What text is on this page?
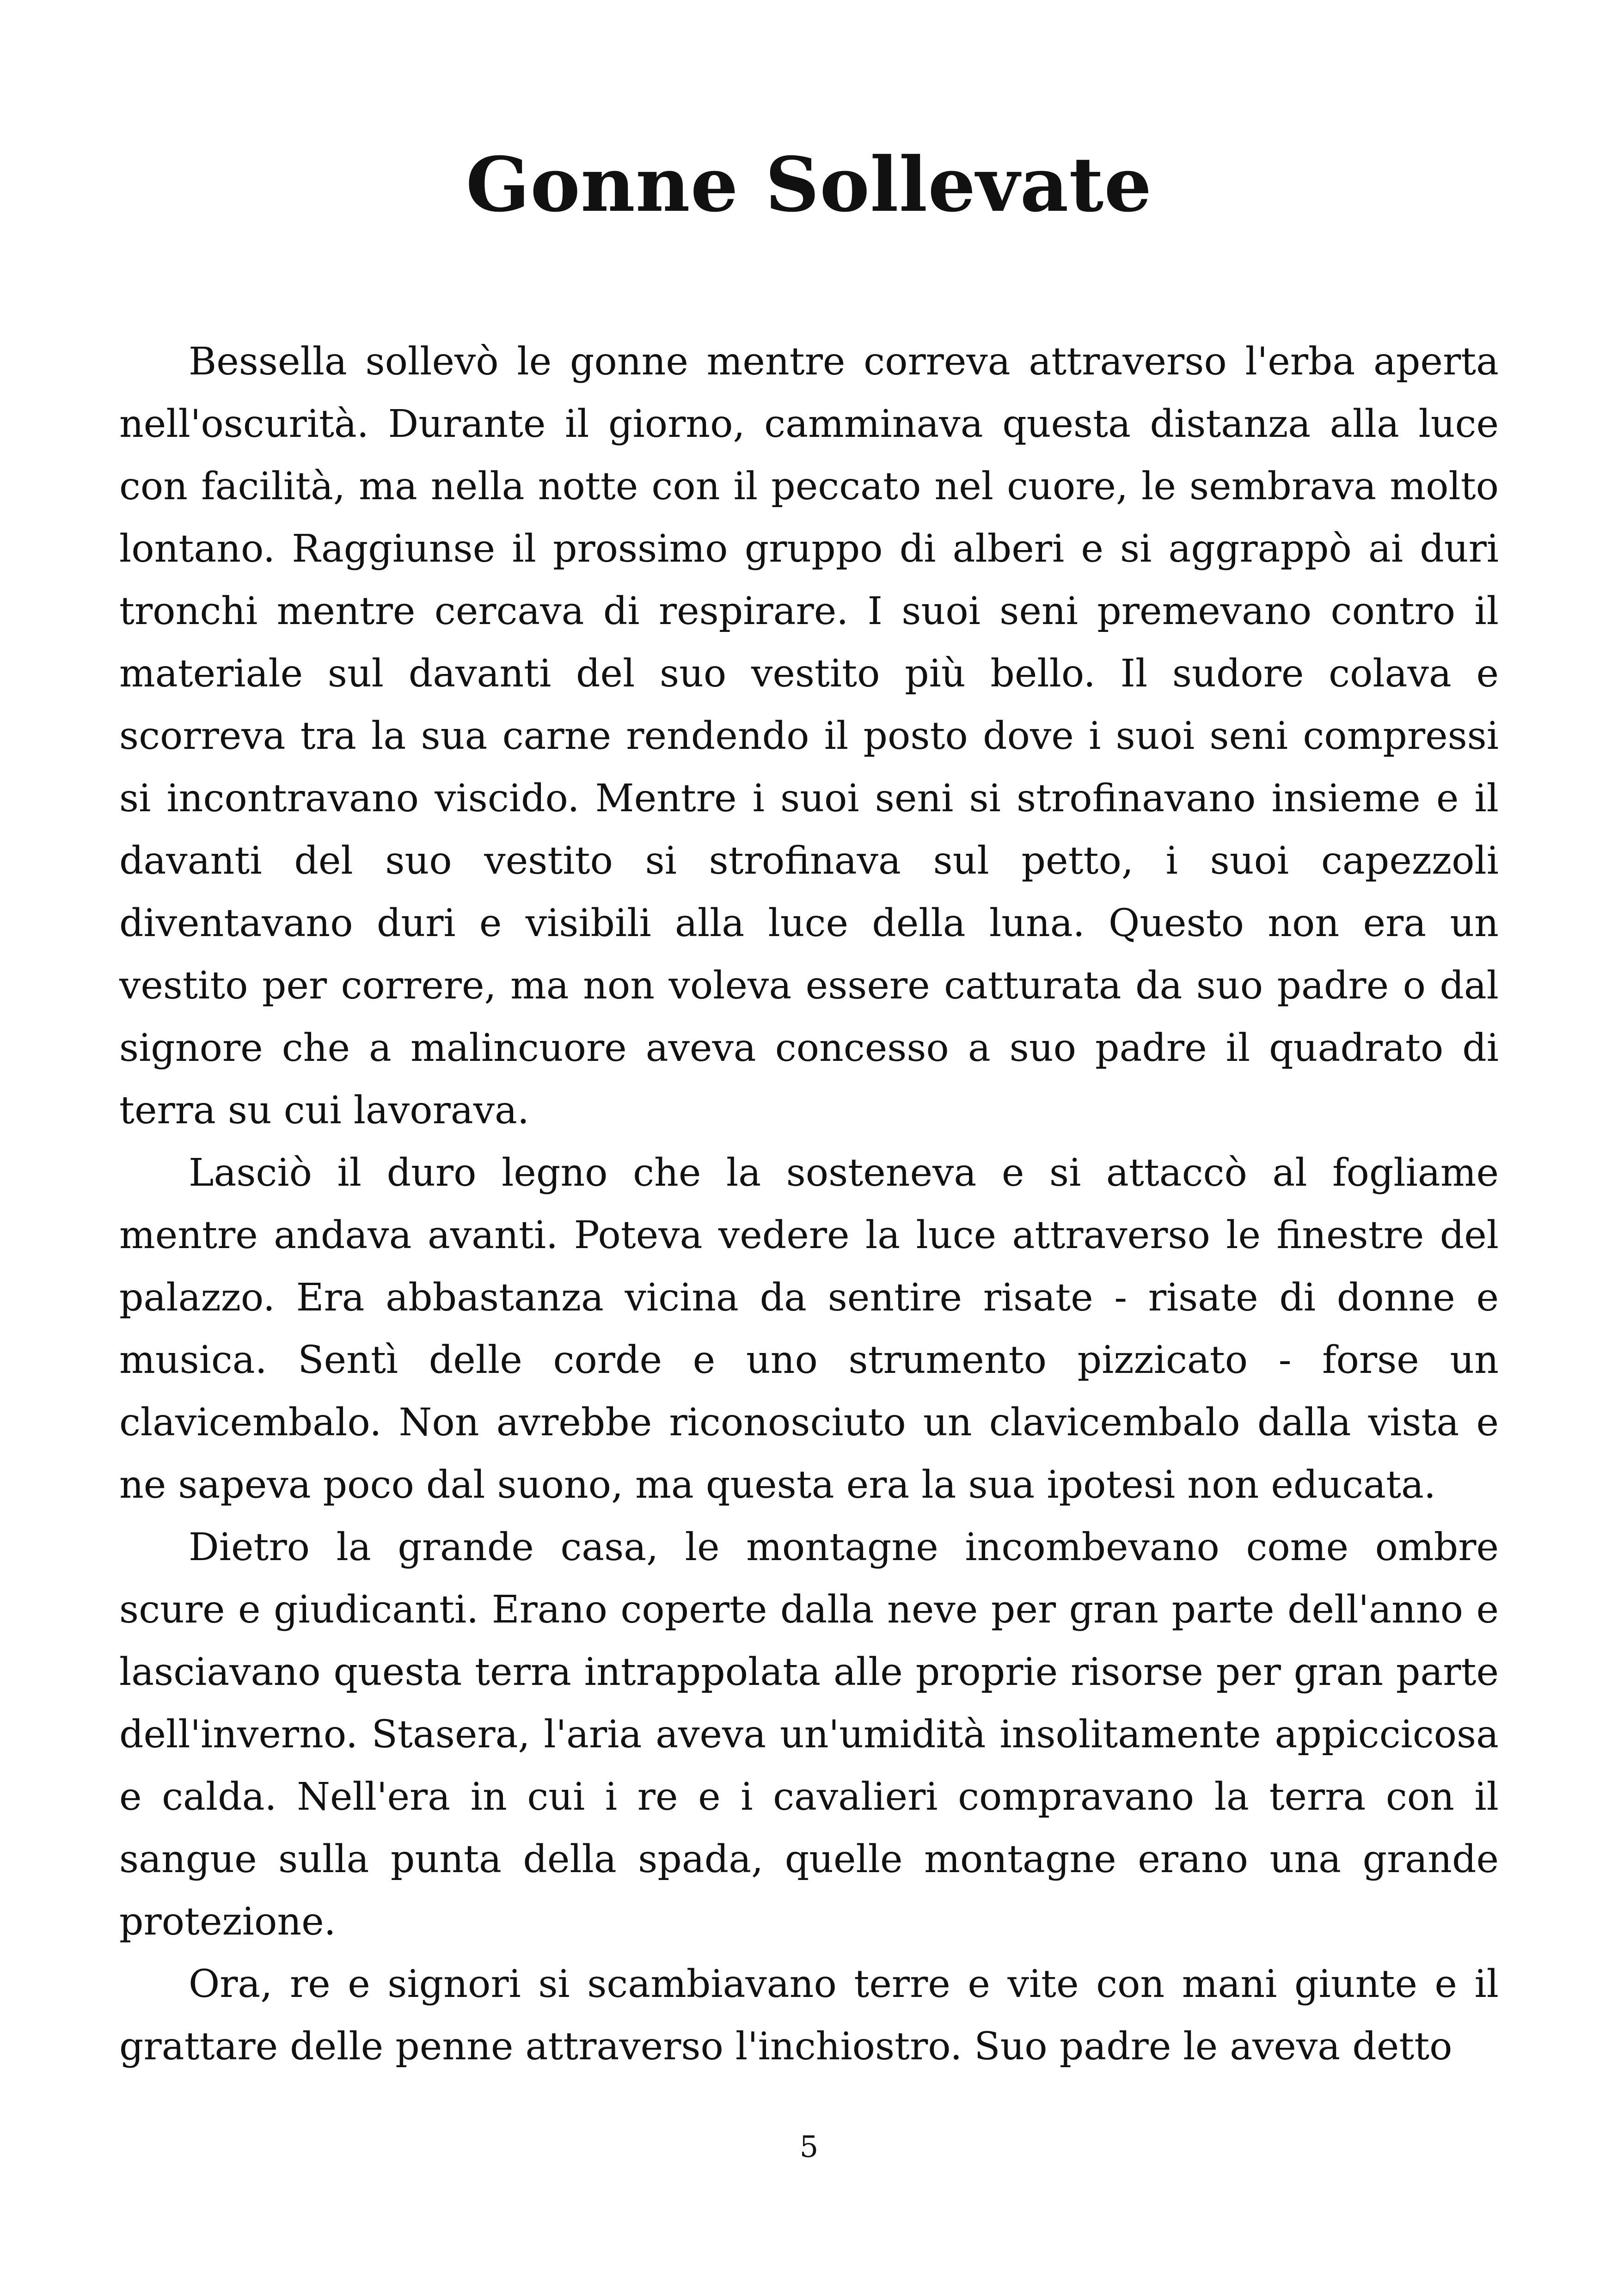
Gonne Sollevate

Bessella sollevò le gonne mentre correva attraverso l'erba aperta nell'oscurità. Durante il giorno, camminava questa distanza alla luce con facilità, ma nella notte con il peccato nel cuore, le sembrava molto lontano. Raggiunse il prossimo gruppo di alberi e si aggrappò ai duri tronchi mentre cercava di respirare. I suoi seni premevano contro il materiale sul davanti del suo vestito più bello. Il sudore colava e scorreva tra la sua carne rendendo il posto dove i suoi seni compressi si incontravano viscido. Mentre i suoi seni si strofinavano insieme e il davanti del suo vestito si strofinava sul petto, i suoi capezzoli diventavano duri e visibili alla luce della luna. Questo non era un vestito per correre, ma non voleva essere catturata da suo padre o dal signore che a malincuore aveva concesso a suo padre il quadrato di terra su cui lavorava.

Lasciò il duro legno che la sosteneva e si attaccò al fogliame mentre andava avanti. Poteva vedere la luce attraverso le finestre del palazzo. Era abbastanza vicina da sentire risate - risate di donne e musica. Sentì delle corde e uno strumento pizzicato - forse un clavicembalo. Non avrebbe riconosciuto un clavicembalo dalla vista e ne sapeva poco dal suono, ma questa era la sua ipotesi non educata.

Dietro la grande casa, le montagne incombevano come ombre scure e giudicanti. Erano coperte dalla neve per gran parte dell'anno e lasciavano questa terra intrappolata alle proprie risorse per gran parte dell'inverno. Stasera, l'aria aveva un'umidità insolitamente appiccicosa e calda. Nell'era in cui i re e i cavalieri compravano la terra con il sangue sulla punta della spada, quelle montagne erano una grande protezione.

Ora, re e signori si scambiavano terre e vite con mani giunte e il grattare delle penne attraverso l'inchiostro. Suo padre le aveva detto

5
